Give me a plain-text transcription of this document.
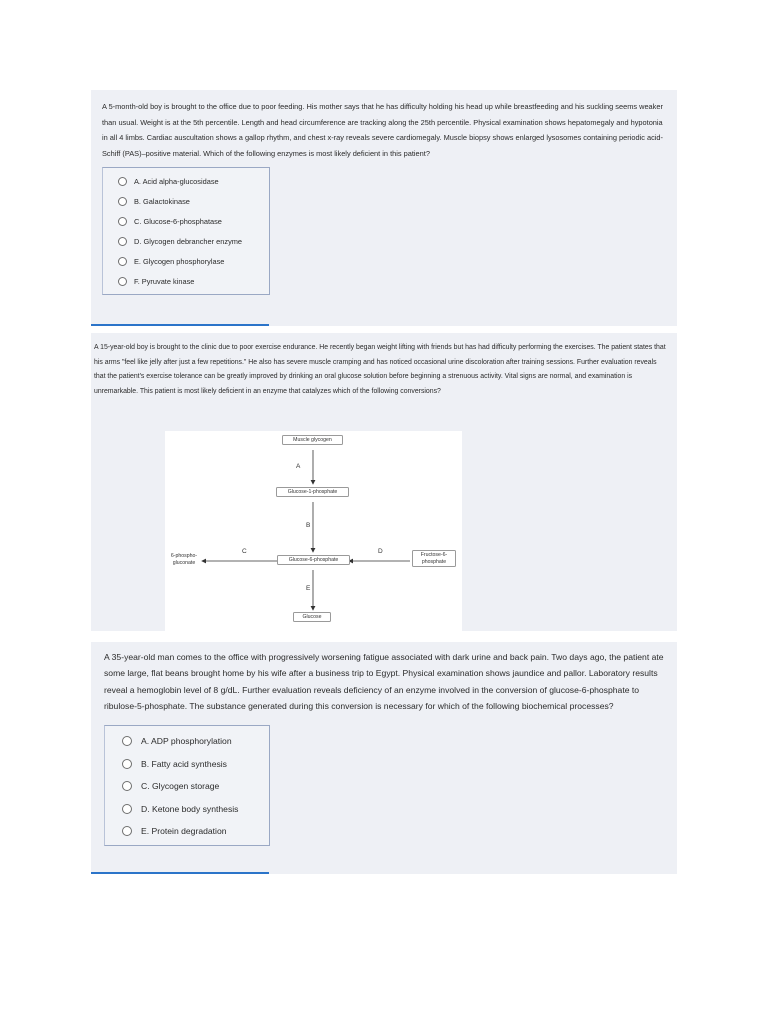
A 5-month-old boy is brought to the office due to poor feeding. His mother says that he has difficulty holding his head up while breastfeeding and his suckling seems weaker than usual. Weight is at the 5th percentile. Length and head circumference are tracking along the 25th percentile. Physical examination shows hepatomegaly and hypotonia in all 4 limbs. Cardiac auscultation shows a gallop rhythm, and chest x-ray reveals severe cardiomegaly. Muscle biopsy shows enlarged lysosomes containing periodic acid-Schiff (PAS)–positive material. Which of the following enzymes is most likely deficient in this patient?

A. Acid alpha-glucosidase
B. Galactokinase
C. Glucose-6-phosphatase
D. Glycogen debrancher enzyme
E. Glycogen phosphorylase
F. Pyruvate kinase

A 15-year-old boy is brought to the clinic due to poor exercise endurance. He recently began weight lifting with friends but has had difficulty performing the exercises. The patient states that his arms "feel like jelly after just a few repetitions." He also has severe muscle cramping and has noticed occasional urine discoloration after training sessions. Further evaluation reveals that the patient's exercise tolerance can be greatly improved by drinking an oral glucose solution before beginning a strenuous activity. Vital signs are normal, and examination is unremarkable. This patient is most likely deficient in an enzyme that catalyzes which of the following conversions?

Muscle glycogen
Glucose-1-phosphate
Glucose-6-phosphate
6-phospho-
gluconate
Fructose-6-
phosphate
Glucose
A
B
C	D
E

A 35-year-old man comes to the office with progressively worsening fatigue associated with dark urine and back pain. Two days ago, the patient ate some large, flat beans brought home by his wife after a business trip to Egypt. Physical examination shows jaundice and pallor. Laboratory results reveal a hemoglobin level of 8 g/dL. Further evaluation reveals deficiency of an enzyme involved in the conversion of glucose-6-phosphate to ribulose-5-phosphate. The substance generated during this conversion is necessary for which of the following biochemical processes?

A. ADP phosphorylation
B. Fatty acid synthesis
C. Glycogen storage
D. Ketone body synthesis
E. Protein degradation
